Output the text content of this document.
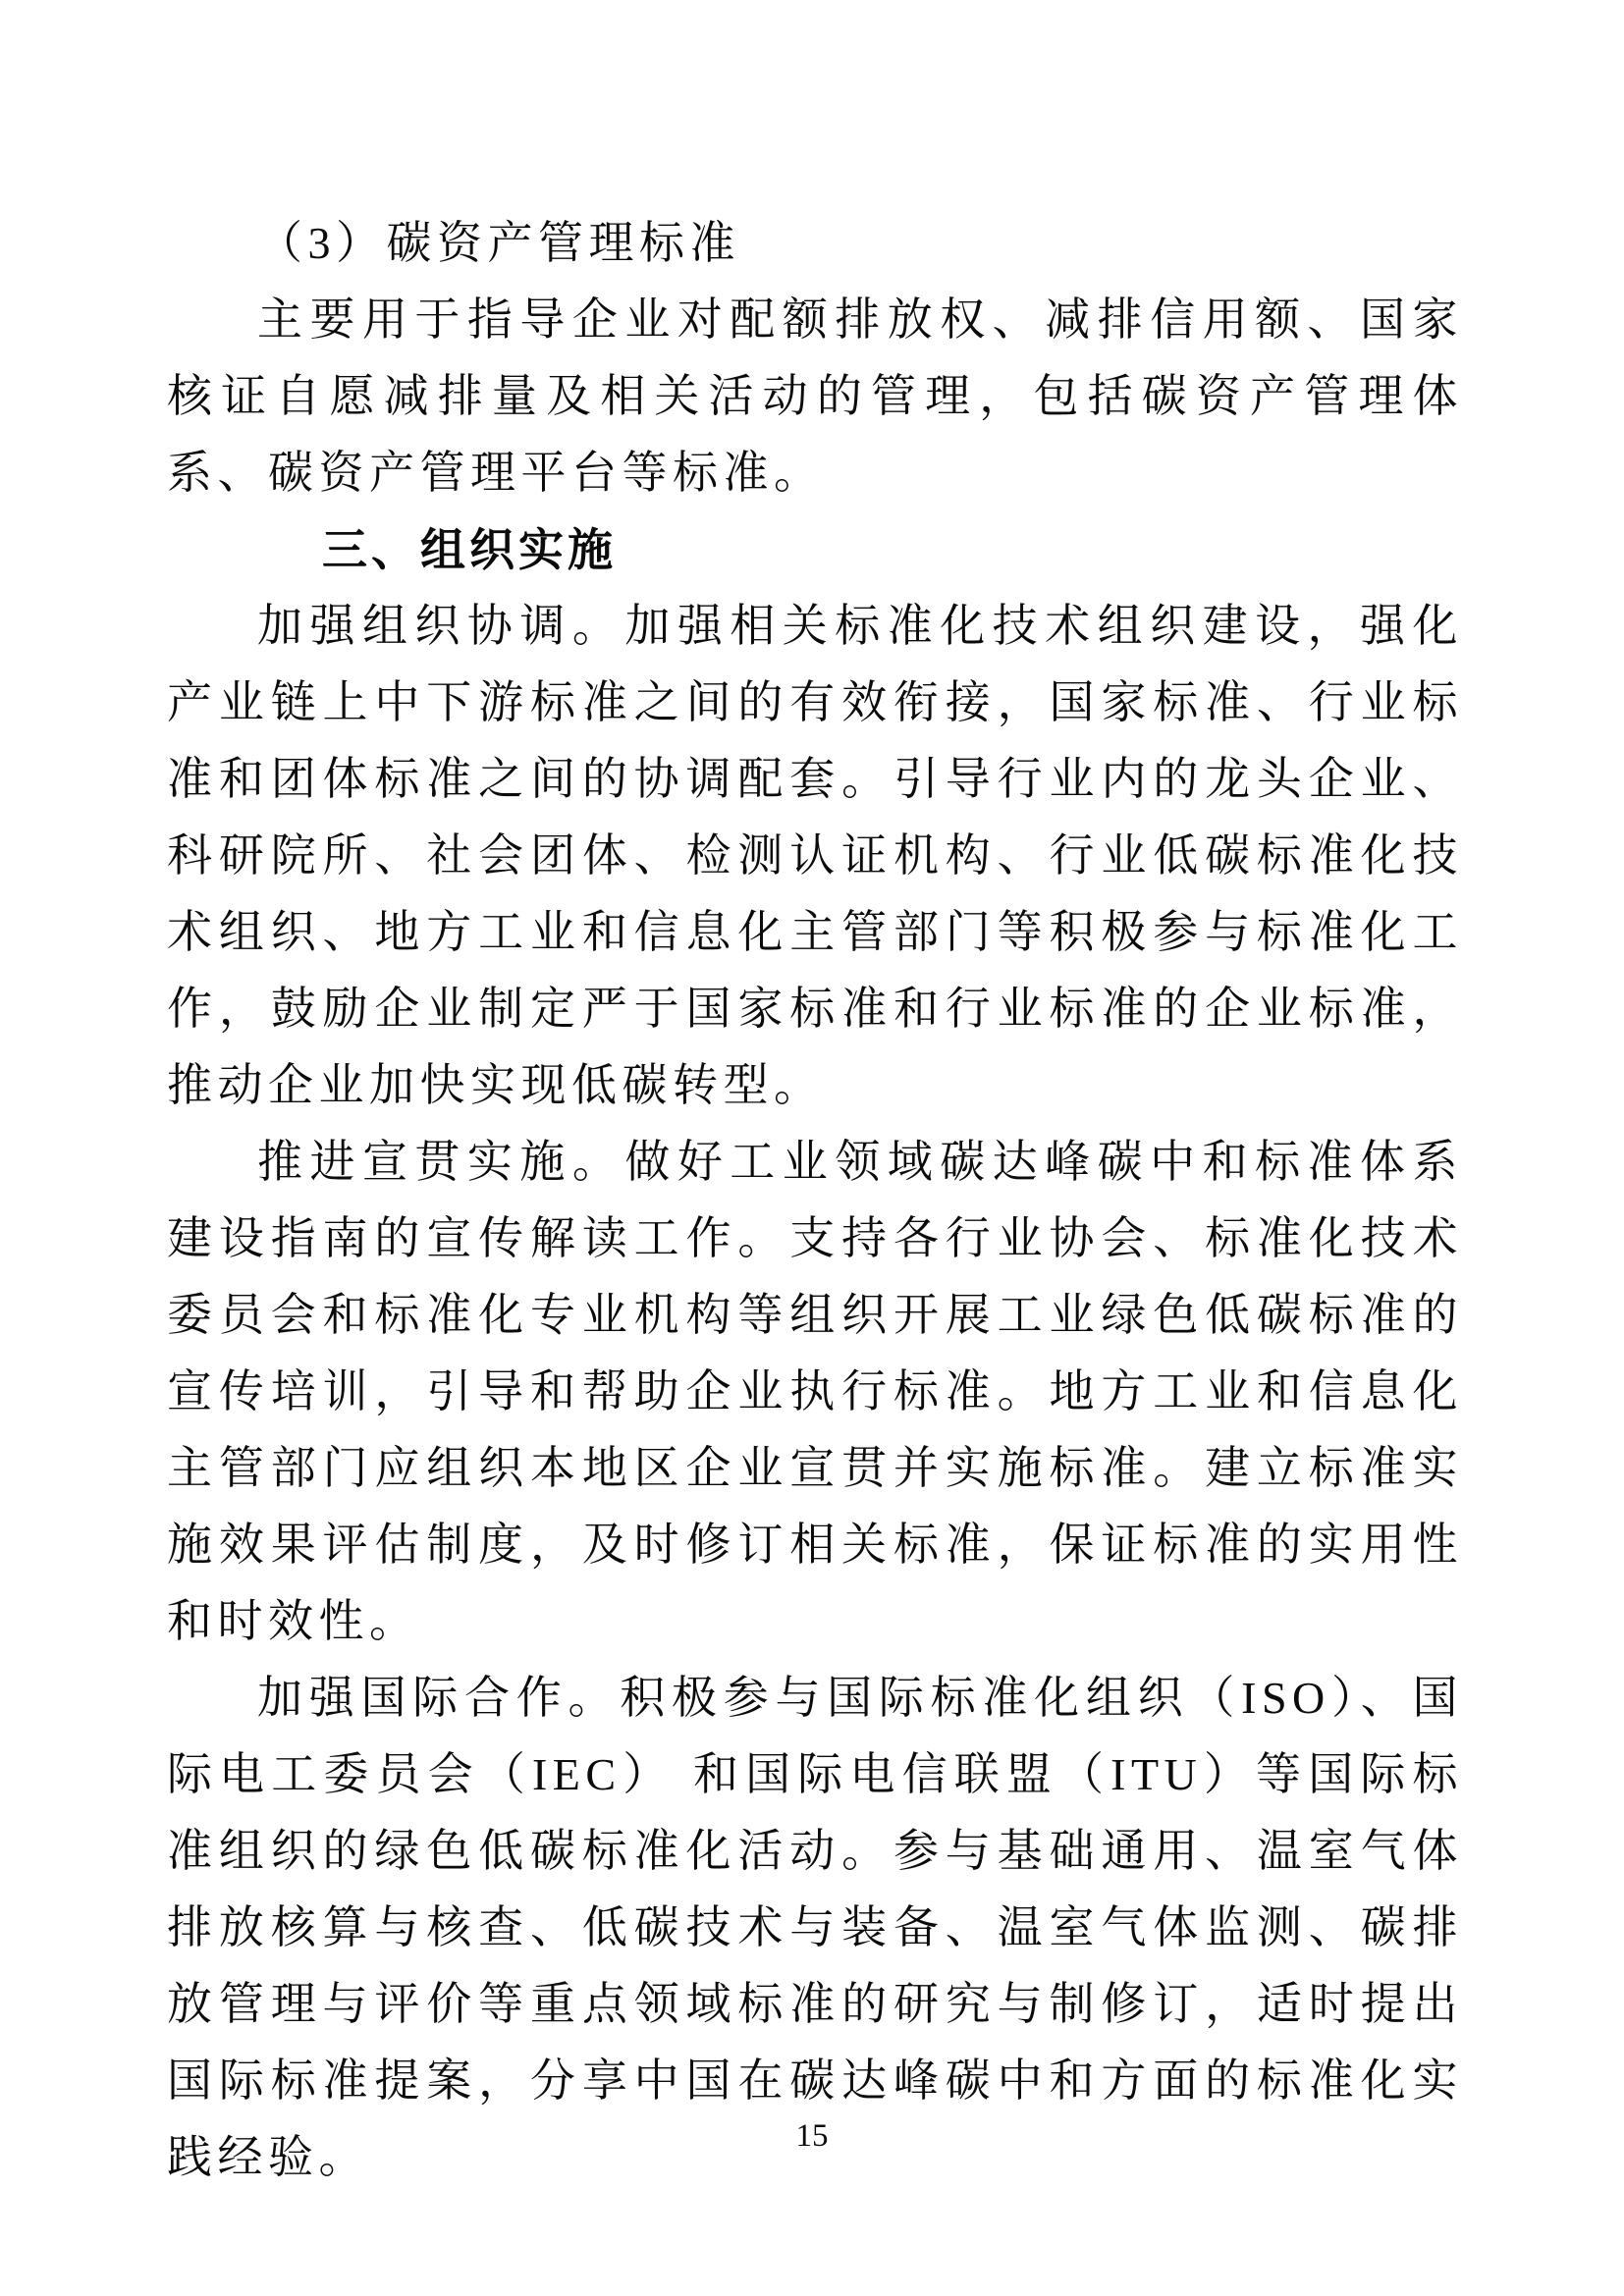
（3）碳资产管理标准

主要用于指导企业对配额排放权、减排信用额、国家核证自愿减排量及相关活动的管理，包括碳资产管理体系、碳资产管理平台等标准。

三、组织实施

加强组织协调。加强相关标准化技术组织建设，强化产业链上中下游标准之间的有效衔接，国家标准、行业标准和团体标准之间的协调配套。引导行业内的龙头企业、科研院所、社会团体、检测认证机构、行业低碳标准化技术组织、地方工业和信息化主管部门等积极参与标准化工作，鼓励企业制定严于国家标准和行业标准的企业标准，推动企业加快实现低碳转型。

推进宣贯实施。做好工业领域碳达峰碳中和标准体系建设指南的宣传解读工作。支持各行业协会、标准化技术委员会和标准化专业机构等组织开展工业绿色低碳标准的宣传培训，引导和帮助企业执行标准。地方工业和信息化主管部门应组织本地区企业宣贯并实施标准。建立标准实施效果评估制度，及时修订相关标准，保证标准的实用性和时效性。

加强国际合作。积极参与国际标准化组织（ISO）、国际电工委员会（IEC） 和国际电信联盟（ITU）等国际标准组织的绿色低碳标准化活动。参与基础通用、温室气体排放核算与核查、低碳技术与装备、温室气体监测、碳排放管理与评价等重点领域标准的研究与制修订，适时提出国际标准提案，分享中国在碳达峰碳中和方面的标准化实践经验。	15
